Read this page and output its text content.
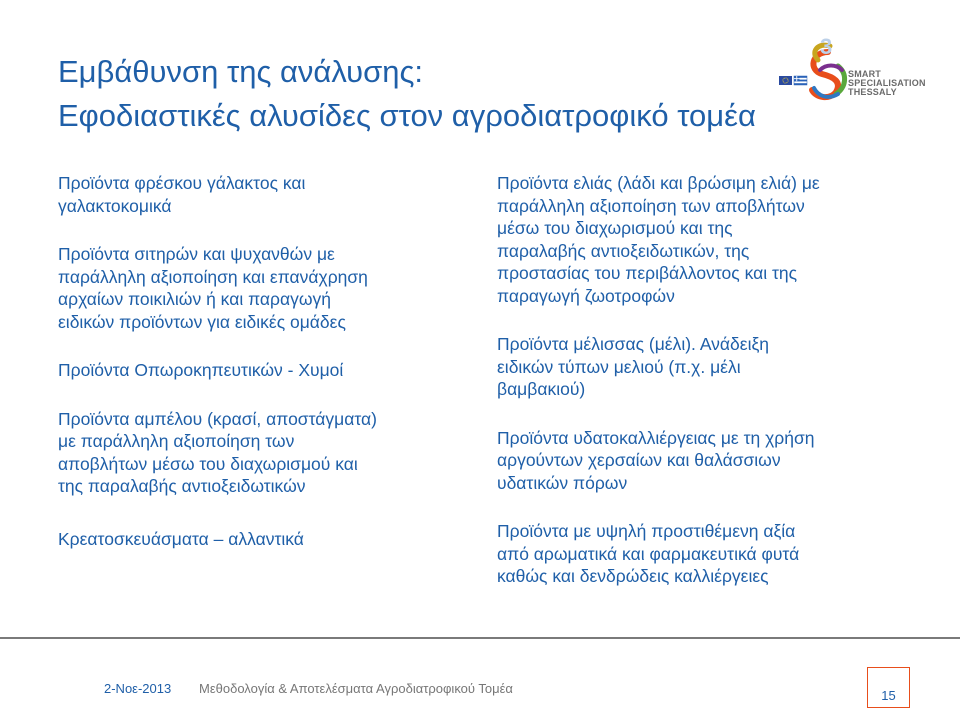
Εμβάθυνση της ανάλυσης:
Εφοδιαστικές αλυσίδες στον αγροδιατροφικό τομέα
3
SMART
SPECIALISATION
THESSALY
Προϊόντα φρέσκου γάλακτος και
γαλακτοκομικά
Προϊόντα σιτηρών και ψυχανθών με
παράλληλη αξιοποίηση και επανάχρηση
αρχαίων ποικιλιών ή και παραγωγή
ειδικών προϊόντων για ειδικές ομάδες
Προϊόντα Οπωροκηπευτικών - Χυμοί
Προϊόντα αμπέλου (κρασί, αποστάγματα)
με παράλληλη αξιοποίηση των
αποβλήτων μέσω του διαχωρισμού και
της παραλαβής αντιοξειδωτικών
Κρεατοσκευάσματα – αλλαντικά
Προϊόντα ελιάς (λάδι και βρώσιμη ελιά) με
παράλληλη αξιοποίηση των αποβλήτων
μέσω του διαχωρισμού και της
παραλαβής αντιοξειδωτικών, της
προστασίας του περιβάλλοντος και της
παραγωγή ζωοτροφών
Προϊόντα μέλισσας (μέλι). Ανάδειξη
ειδικών τύπων μελιού (π.χ. μέλι
βαμβακιού)
Προϊόντα υδατοκαλλιέργειας με τη χρήση
αργούντων χερσαίων και θαλάσσιων
υδατικών πόρων
Προϊόντα με υψηλή προστιθέμενη αξία
από αρωματικά και φαρμακευτικά φυτά
καθώς και δενδρώδεις καλλιέργειες
2-Νοε-2013 Μεθοδολογία & Αποτελέσματα Αγροδιατροφικού Τομέα	15
